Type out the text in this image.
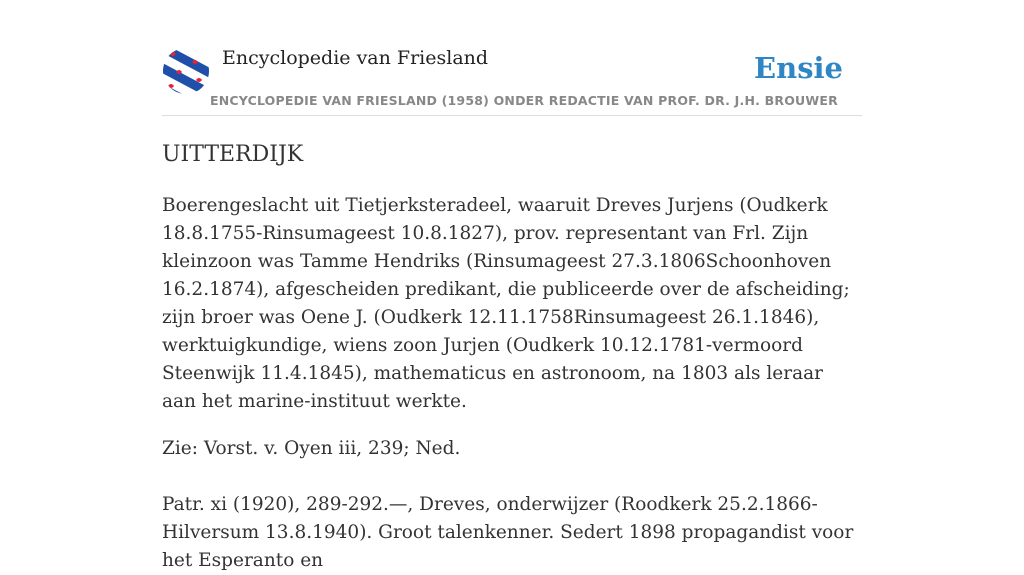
Encyclopedie van Friesland
ENCYCLOPEDIE VAN FRIESLAND (1958) ONDER REDACTIE VAN PROF. DR. J.H. BROUWER
Ensie
UITTERDIJK

Boerengeslacht uit Tietjerksteradeel, waaruit Dreves Jurjens (Oudkerk 18.8.1755-Rinsumageest 10.8.1827), prov. representant van Frl. Zijn kleinzoon was Tamme Hendriks (Rinsumageest 27.3.1806Schoonhoven 16.2.1874), afgescheiden predikant, die publiceerde over de afscheiding; zijn broer was Oene J. (Oudkerk 12.11.1758Rinsumageest 26.1.1846), werktuigkundige, wiens zoon Jurjen (Oudkerk 10.12.1781-vermoord Steenwijk 11.4.1845), mathematicus en astronoom, na 1803 als leraar aan het marine-instituut werkte.

Zie: Vorst. v. Oyen iii, 239; Ned.

Patr. xi (1920), 289-292.—, Dreves, onderwijzer (Roodkerk 25.2.1866-Hilversum 13.8.1940). Groot talenkenner. Sedert 1898 propagandist voor het Esperanto en
